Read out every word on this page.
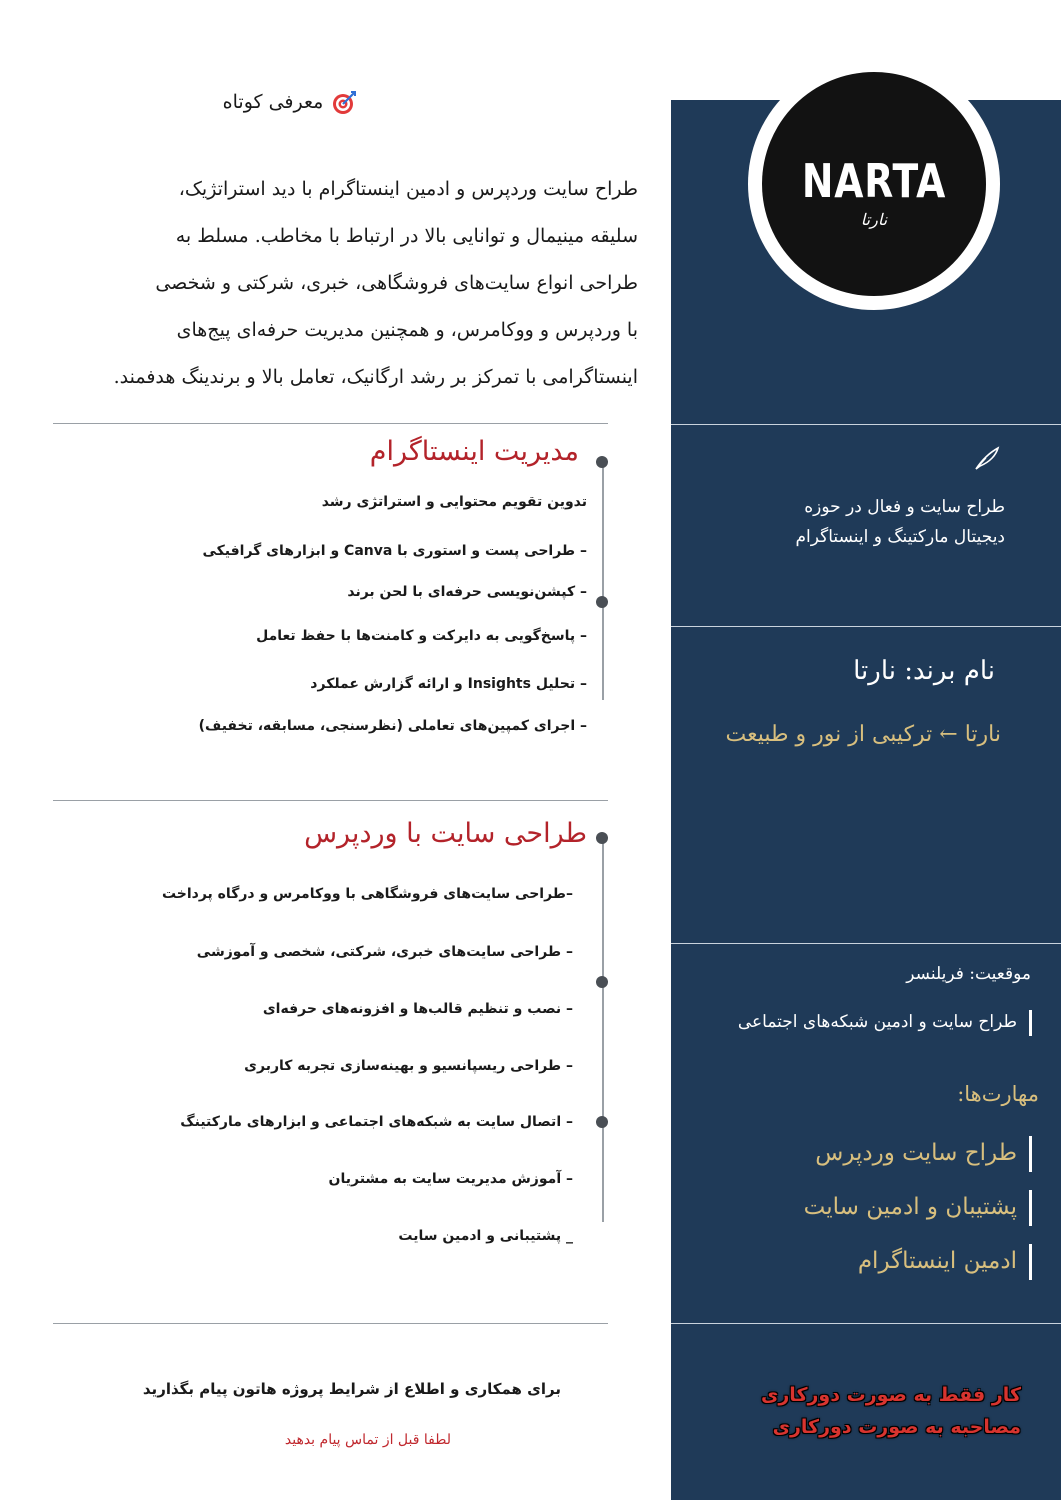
NARTA
نارتا
طراح سایت و فعال در حوزه
دیجیتال مارکتینگ و اینستاگرام
نام برند: نارتا
نارتا ← ترکیبی از نور و طبیعت
موقعیت: فریلنسر
طراح سایت و ادمین شبکه‌های اجتماعی
مهارت‌ها:
طراح سایت وردپرس
پشتیبان و ادمین سایت
ادمین اینستاگرام
کار فقط به صورت دورکاری
مصاحبه به صورت دورکاری
معرفی کوتاه
طراح سایت وردپرس و ادمین اینستاگرام با دید استراتژیک،
سلیقه مینیمال و توانایی بالا در ارتباط با مخاطب. مسلط به
طراحی انواع سایت‌های فروشگاهی، خبری، شرکتی و شخصی
با وردپرس و ووکامرس، و همچنین مدیریت حرفه‌ای پیج‌های
اینستاگرامی با تمرکز بر رشد ارگانیک، تعامل بالا و برندینگ هدفمند.
مدیریت اینستاگرام
تدوین تقویم محتوایی و استراتژی رشد
– طراحی پست و استوری با Canva و ابزارهای گرافیکی
– کپشن‌نویسی حرفه‌ای با لحن برند
– پاسخ‌گویی به دایرکت و کامنت‌ها با حفظ تعامل
– تحلیل Insights و ارائه گزارش عملکرد
– اجرای کمپین‌های تعاملی (نظرسنجی، مسابقه، تخفیف)
طراحی سایت با وردپرس
–طراحی سایت‌های فروشگاهی با ووکامرس و درگاه پرداخت
– طراحی سایت‌های خبری، شرکتی، شخصی و آموزشی
– نصب و تنظیم قالب‌ها و افزونه‌های حرفه‌ای
– طراحی ریسپانسیو و بهینه‌سازی تجربه کاربری
– اتصال سایت به شبکه‌های اجتماعی و ابزارهای مارکتینگ
– آموزش مدیریت سایت به مشتریان
_ پشتیبانی و ادمین سایت
برای همکاری و اطلاع از شرایط پروژه هاتون پیام بگذارید
لطفا قبل از تماس پیام بدهید
